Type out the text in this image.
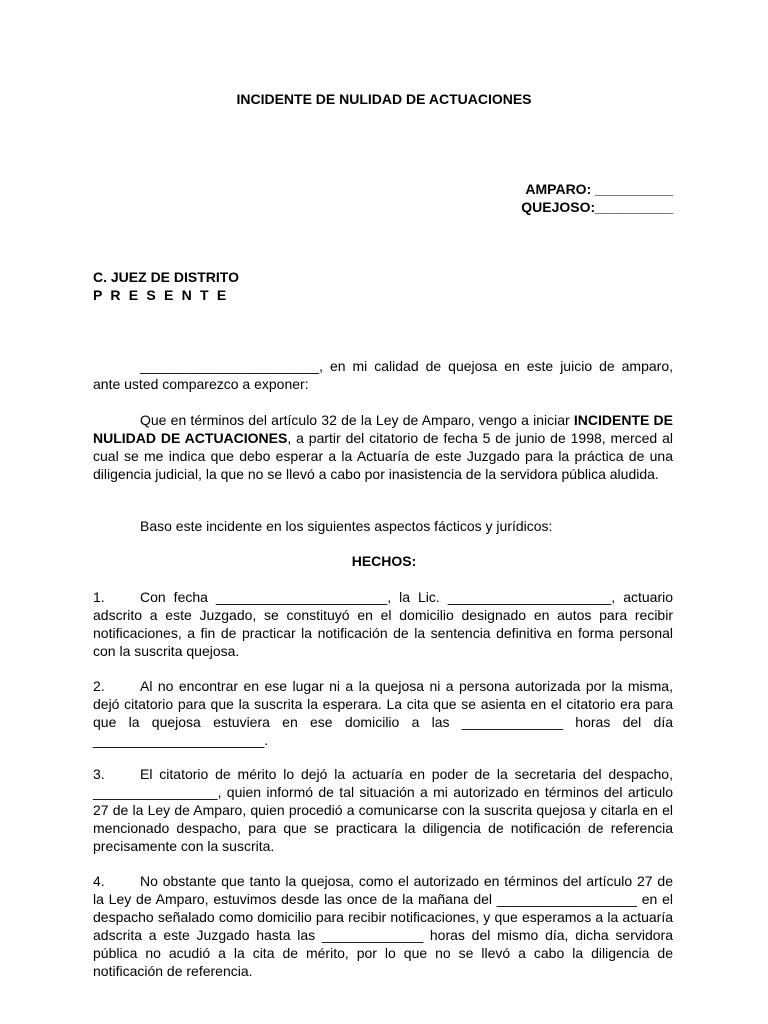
INCIDENTE DE NULIDAD DE ACTUACIONES
AMPARO: __________
QUEJOSO:__________
C. JUEZ DE DISTRITO
P R E S E N T E
_______________________, en mi calidad de quejosa en este juicio de amparo, ante usted comparezco a exponer:
Que en términos del artículo 32 de la Ley de Amparo, vengo a iniciar INCIDENTE DE NULIDAD DE ACTUACIONES, a partir del citatorio de fecha 5 de junio de 1998, merced al cual se me indica que debo esperar a la Actuaría de este Juzgado para la práctica de una diligencia judicial, la que no se llevó a cabo por inasistencia de la servidora pública aludida.
Baso este incidente en los siguientes aspectos fácticos y jurídicos:
HECHOS:
1.	Con fecha ______________________, la Lic. _____________________, actuario adscrito a este Juzgado, se constituyó en el domicilio designado en autos para recibir notificaciones, a fin de practicar la notificación de la sentencia definitiva en forma personal con la suscrita quejosa.
2.	Al no encontrar en ese lugar ni a la quejosa ni a persona autorizada por la misma, dejó citatorio para que la suscrita la esperara. La cita que se asienta en el citatorio era para que la quejosa estuviera en ese domicilio a las _____________ horas del día ______________________.
3.	El citatorio de mérito lo dejó la actuaría en poder de la secretaria del despacho, ________________, quien informó de tal situación a mi autorizado en términos del articulo 27 de la Ley de Amparo, quien procedió a comunicarse con la suscrita quejosa y citarla en el mencionado despacho, para que se practicara la diligencia de notificación de referencia precisamente con la suscrita.
4.	No obstante que tanto la quejosa, como el autorizado en términos del artículo 27 de la Ley de Amparo, estuvimos desde las once de la mañana del __________________ en el despacho señalado como domicilio para recibir notificaciones, y que esperamos a la actuaría adscrita a este Juzgado hasta las _____________ horas del mismo día, dicha servidora pública no acudió a la cita de mérito, por lo que no se llevó a cabo la diligencia de notificación de referencia.
